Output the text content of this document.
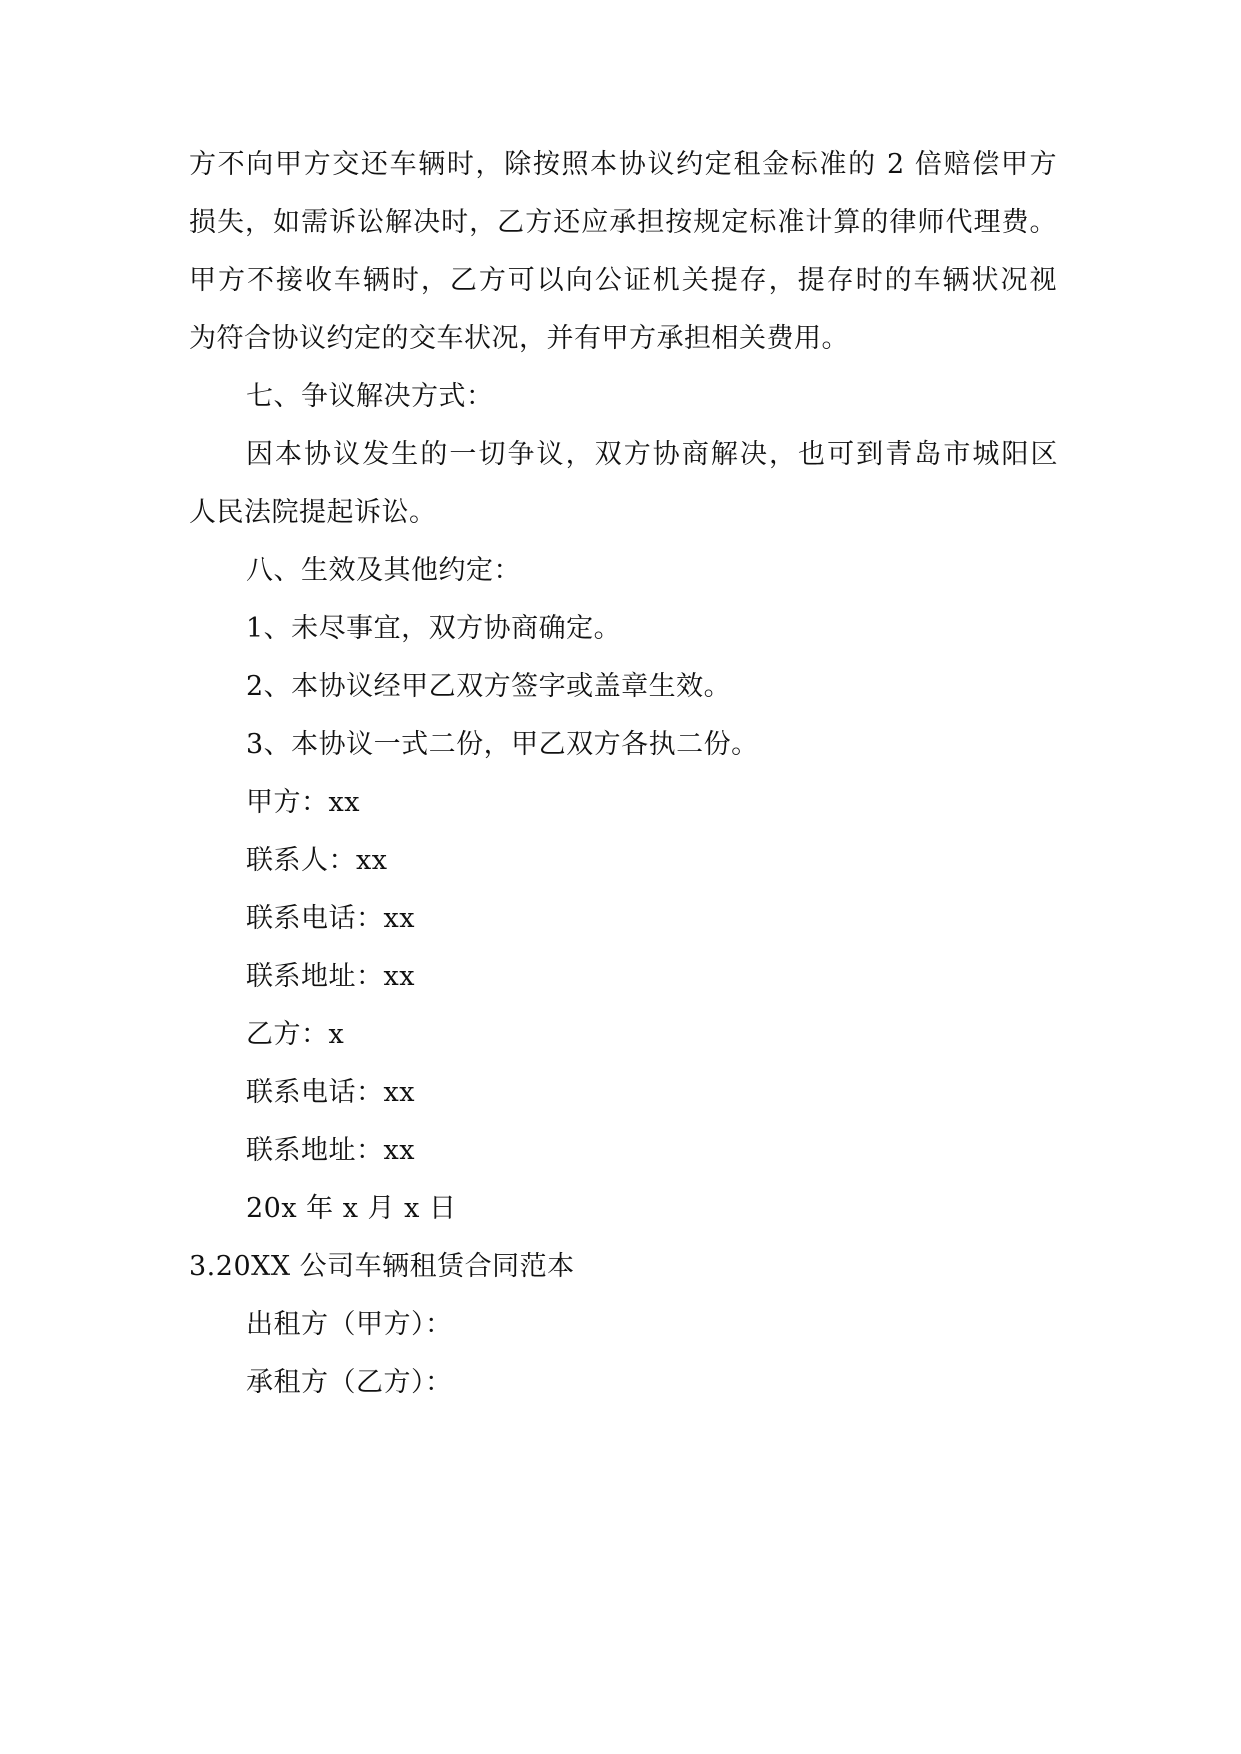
方不向甲方交还车辆时，除按照本协议约定租金标准的 2 倍赔偿甲方
损失，如需诉讼解决时，乙方还应承担按规定标准计算的律师代理费。
甲方不接收车辆时，乙方可以向公证机关提存，提存时的车辆状况视
为符合协议约定的交车状况，并有甲方承担相关费用。
七、争议解决方式：
因本协议发生的一切争议，双方协商解决，也可到青岛市城阳区
人民法院提起诉讼。
八、生效及其他约定：
1、未尽事宜，双方协商确定。
2、本协议经甲乙双方签字或盖章生效。
3、本协议一式二份，甲乙双方各执二份。
甲方：xx
联系人：xx
联系电话：xx
联系地址：xx
乙方：x
联系电话：xx
联系地址：xx
20x 年 x 月 x 日
3.20XX 公司车辆租赁合同范本
出租方（甲方）：
承租方（乙方）：
